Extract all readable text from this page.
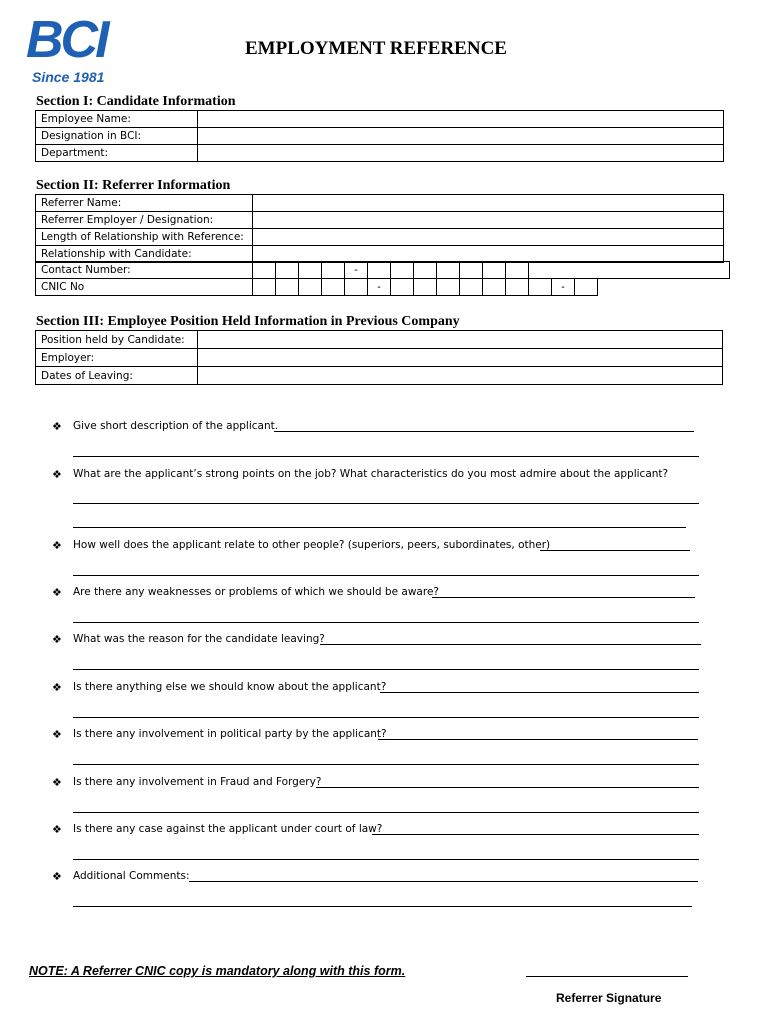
BCI
Since 1981
EMPLOYMENT REFERENCE
Section I: Candidate Information
Employee Name:	
Designation in BCI:	
Department:	
Section II: Referrer Information
Referrer Name:	
Referrer Employer / Designation:	
Length of Relationship with Reference:	
Relationship with Candidate:	
Contact Number:					-								
CNIC No						-								-	
Section III: Employee Position Held Information in Previous Company
Position held by Candidate:	
Employer:	
Dates of Leaving:	
❖ Give short description of the applicant.
❖ What are the applicant’s strong points on the job? What characteristics do you most admire about the applicant?
❖ How well does the applicant relate to other people? (superiors, peers, subordinates, other)
❖ Are there any weaknesses or problems of which we should be aware?
❖ What was the reason for the candidate leaving?
❖ Is there anything else we should know about the applicant?
❖ Is there any involvement in political party by the applicant?
❖ Is there any involvement in Fraud and Forgery?
❖ Is there any case against the applicant under court of law?
❖ Additional Comments:
NOTE: A Referrer CNIC copy is mandatory along with this form.
Referrer Signature
